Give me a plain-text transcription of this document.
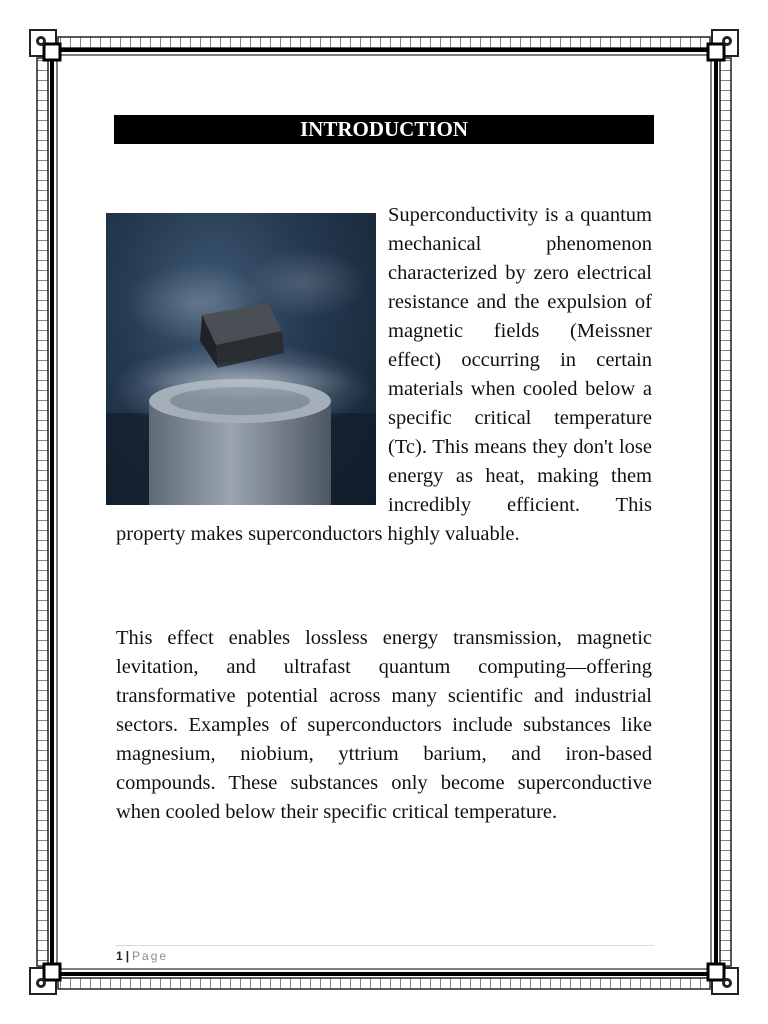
INTRODUCTION
Superconductivity is a quantum mechanical phenomenon characterized by zero electrical resistance and the expulsion of magnetic fields (Meissner effect) occurring in certain materials when cooled below a specific critical temperature (Tc). This means they don't lose energy as heat, making them incredibly efficient. This property makes superconductors highly valuable.
This effect enables lossless energy transmission, magnetic levitation, and ultrafast quantum computing—offering transformative potential across many scientific and industrial sectors. Examples of superconductors include substances like magnesium, niobium, yttrium barium, and iron-based compounds. These substances only become superconductive when cooled below their specific critical temperature.
1 | Page
